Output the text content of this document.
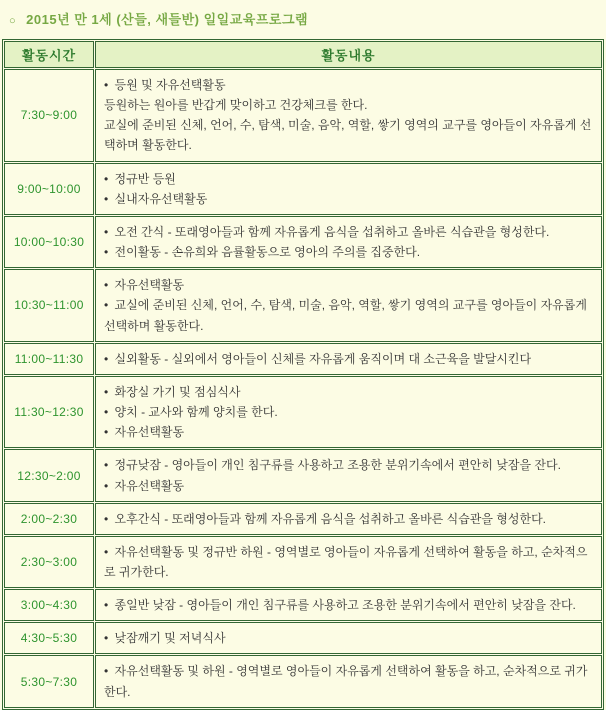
○ 2015년 만 1세 (산들, 새들반) 일일교육프로그램
활동시간	활동내용
7:30~9:00	• 등원 및 자유선택활동
등원하는 원아를 반갑게 맞이하고 건강체크를 한다.
교실에 준비된 신체, 언어, 수, 탐색, 미술, 음악, 역할, 쌓기 영역의 교구를 영아들이 자유롭게 선택하며 활동한다.

9:00~10:00	• 정규반 등원
• 실내자유선택활동

10:00~10:30	• 오전 간식 - 또래영아들과 함께 자유롭게 음식을 섭취하고 올바른 식습관을 형성한다.
• 전이활동 - 손유희와 음률활동으로 영아의 주의를 집중한다.

10:30~11:00	• 자유선택활동
• 교실에 준비된 신체, 언어, 수, 탐색, 미술, 음악, 역할, 쌓기 영역의 교구를 영아들이 자유롭게 선택하며 활동한다.

11:00~11:30	• 실외활동 - 실외에서 영아들이 신체를 자유롭게 움직이며 대 소근육을 발달시킨다

11:30~12:30	• 화장실 가기 및 점심식사
• 양치 - 교사와 함께 양치를 한다.
• 자유선택활동

12:30~2:00	• 정규낮잠 - 영아들이 개인 침구류를 사용하고 조용한 분위기속에서 편안히 낮잠을 잔다.
• 자유선택활동

2:00~2:30	• 오후간식 - 또래영아들과 함께 자유롭게 음식을 섭취하고 올바른 식습관을 형성한다.

2:30~3:00	• 자유선택활동 및 정규반 하원 - 영역별로 영아들이 자유롭게 선택하여 활동을 하고, 순차적으로 귀가한다.

3:00~4:30	• 종일반 낮잠 - 영아들이 개인 침구류를 사용하고 조용한 분위기속에서 편안히 낮잠을 잔다.

4:30~5:30	• 낮잠깨기 및 저녁식사

5:30~7:30	• 자유선택활동 및 하원 - 영역별로 영아들이 자유롭게 선택하여 활동을 하고, 순차적으로 귀가한다.
